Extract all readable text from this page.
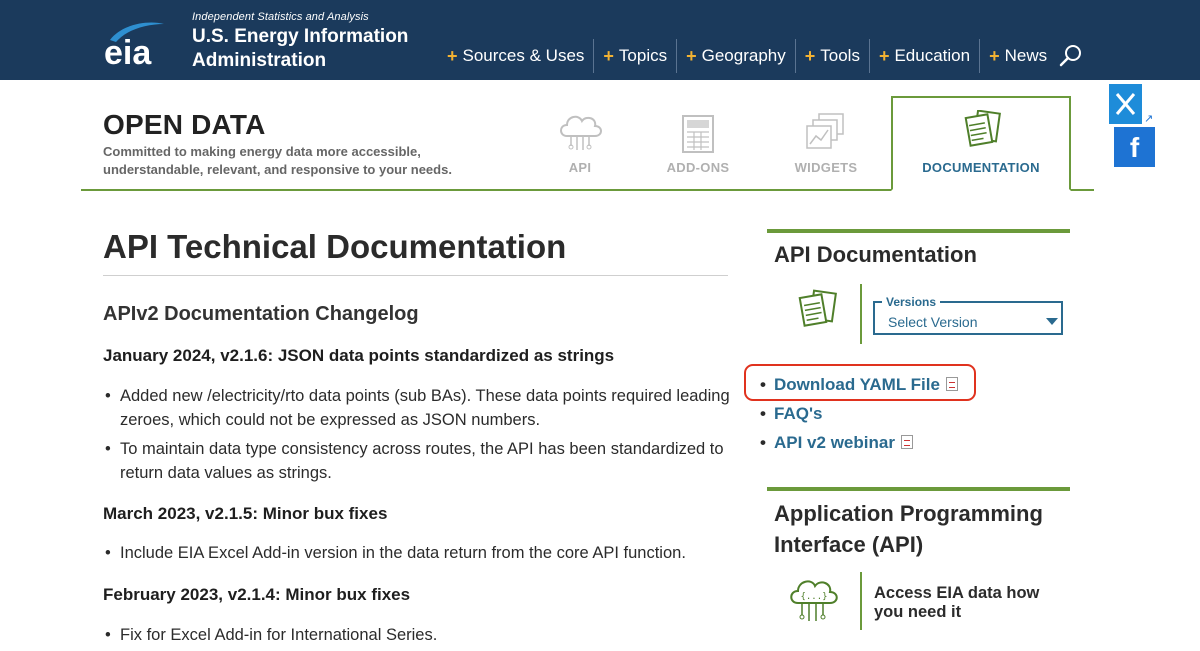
eia
Independent Statistics and Analysis
U.S. Energy Information
Administration	+ Sources & Uses + Topics + Geography + Tools + Education + News
↗
f
OPEN DATA
Committed to making energy data more accessible, understandable, relevant, and responsive to your needs.	API	ADD-ONS	WIDGETS	DOCUMENTATION
API Technical Documentation
APIv2 Documentation Changelog
January 2024, v2.1.6: JSON data points standardized as strings
• Added new /electricity/rto data points (sub BAs). These data points required leading zeroes, which could not be expressed as JSON numbers.
• To maintain data type consistency across routes, the API has been standardized to return data values as strings.
March 2023, v2.1.5: Minor bux fixes
• Include EIA Excel Add-in version in the data return from the core API function.
February 2023, v2.1.4: Minor bux fixes
• Fix for Excel Add-in for International Series.
API Documentation
Versions
Select Version
• Download YAML File
• FAQ's
• API v2 webinar
Application Programming Interface (API)
{...}	Access EIA data how you need it
